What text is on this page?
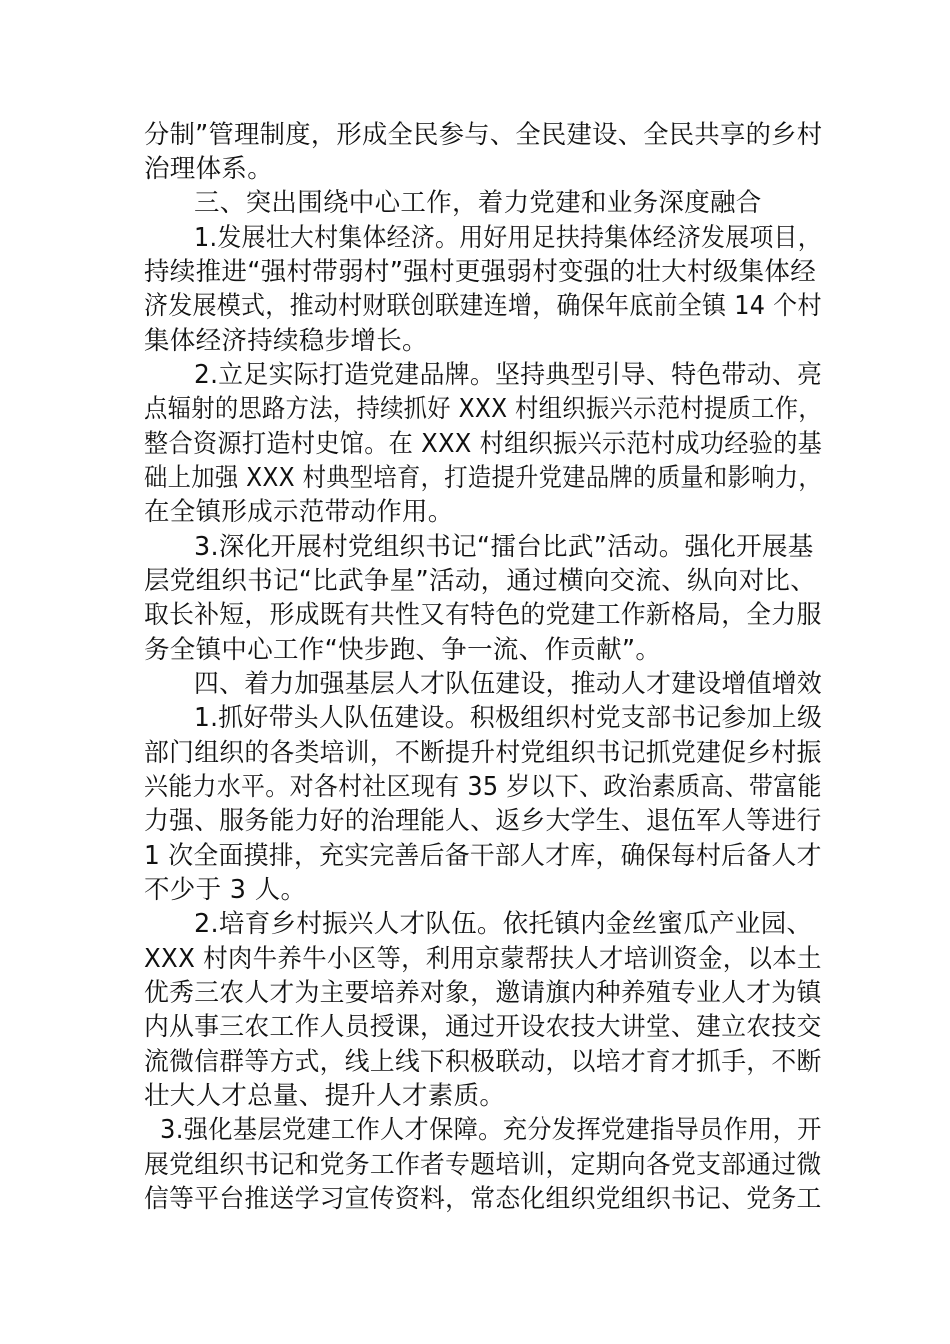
分制”管理制度，形成全民参与、全民建设、全民共享的乡村
治理体系。
三、突出围绕中心工作，着力党建和业务深度融合
1.发展壮大村集体经济。用好用足扶持集体经济发展项目，
持续推进“强村带弱村”强村更强弱村变强的壮大村级集体经
济发展模式，推动村财联创联建连增，确保年底前全镇 14 个村
集体经济持续稳步增长。
2.立足实际打造党建品牌。坚持典型引导、特色带动、亮
点辐射的思路方法，持续抓好 XXX 村组织振兴示范村提质工作，
整合资源打造村史馆。在 XXX 村组织振兴示范村成功经验的基
础上加强 XXX 村典型培育，打造提升党建品牌的质量和影响力，
在全镇形成示范带动作用。
3.深化开展村党组织书记“擂台比武”活动。强化开展基
层党组织书记“比武争星”活动，通过横向交流、纵向对比、
取长补短，形成既有共性又有特色的党建工作新格局，全力服
务全镇中心工作“快步跑、争一流、作贡献”。
四、着力加强基层人才队伍建设，推动人才建设增值增效
1.抓好带头人队伍建设。积极组织村党支部书记参加上级
部门组织的各类培训，不断提升村党组织书记抓党建促乡村振
兴能力水平。对各村社区现有 35 岁以下、政治素质高、带富能
力强、服务能力好的治理能人、返乡大学生、退伍军人等进行
1 次全面摸排，充实完善后备干部人才库，确保每村后备人才
不少于 3 人。
2.培育乡村振兴人才队伍。依托镇内金丝蜜瓜产业园、
XXX 村肉牛养牛小区等，利用京蒙帮扶人才培训资金，以本土
优秀三农人才为主要培养对象，邀请旗内种养殖专业人才为镇
内从事三农工作人员授课，通过开设农技大讲堂、建立农技交
流微信群等方式，线上线下积极联动，以培才育才抓手，不断
壮大人才总量、提升人才素质。
3.强化基层党建工作人才保障。充分发挥党建指导员作用，开
展党组织书记和党务工作者专题培训，定期向各党支部通过微
信等平台推送学习宣传资料，常态化组织党组织书记、党务工
